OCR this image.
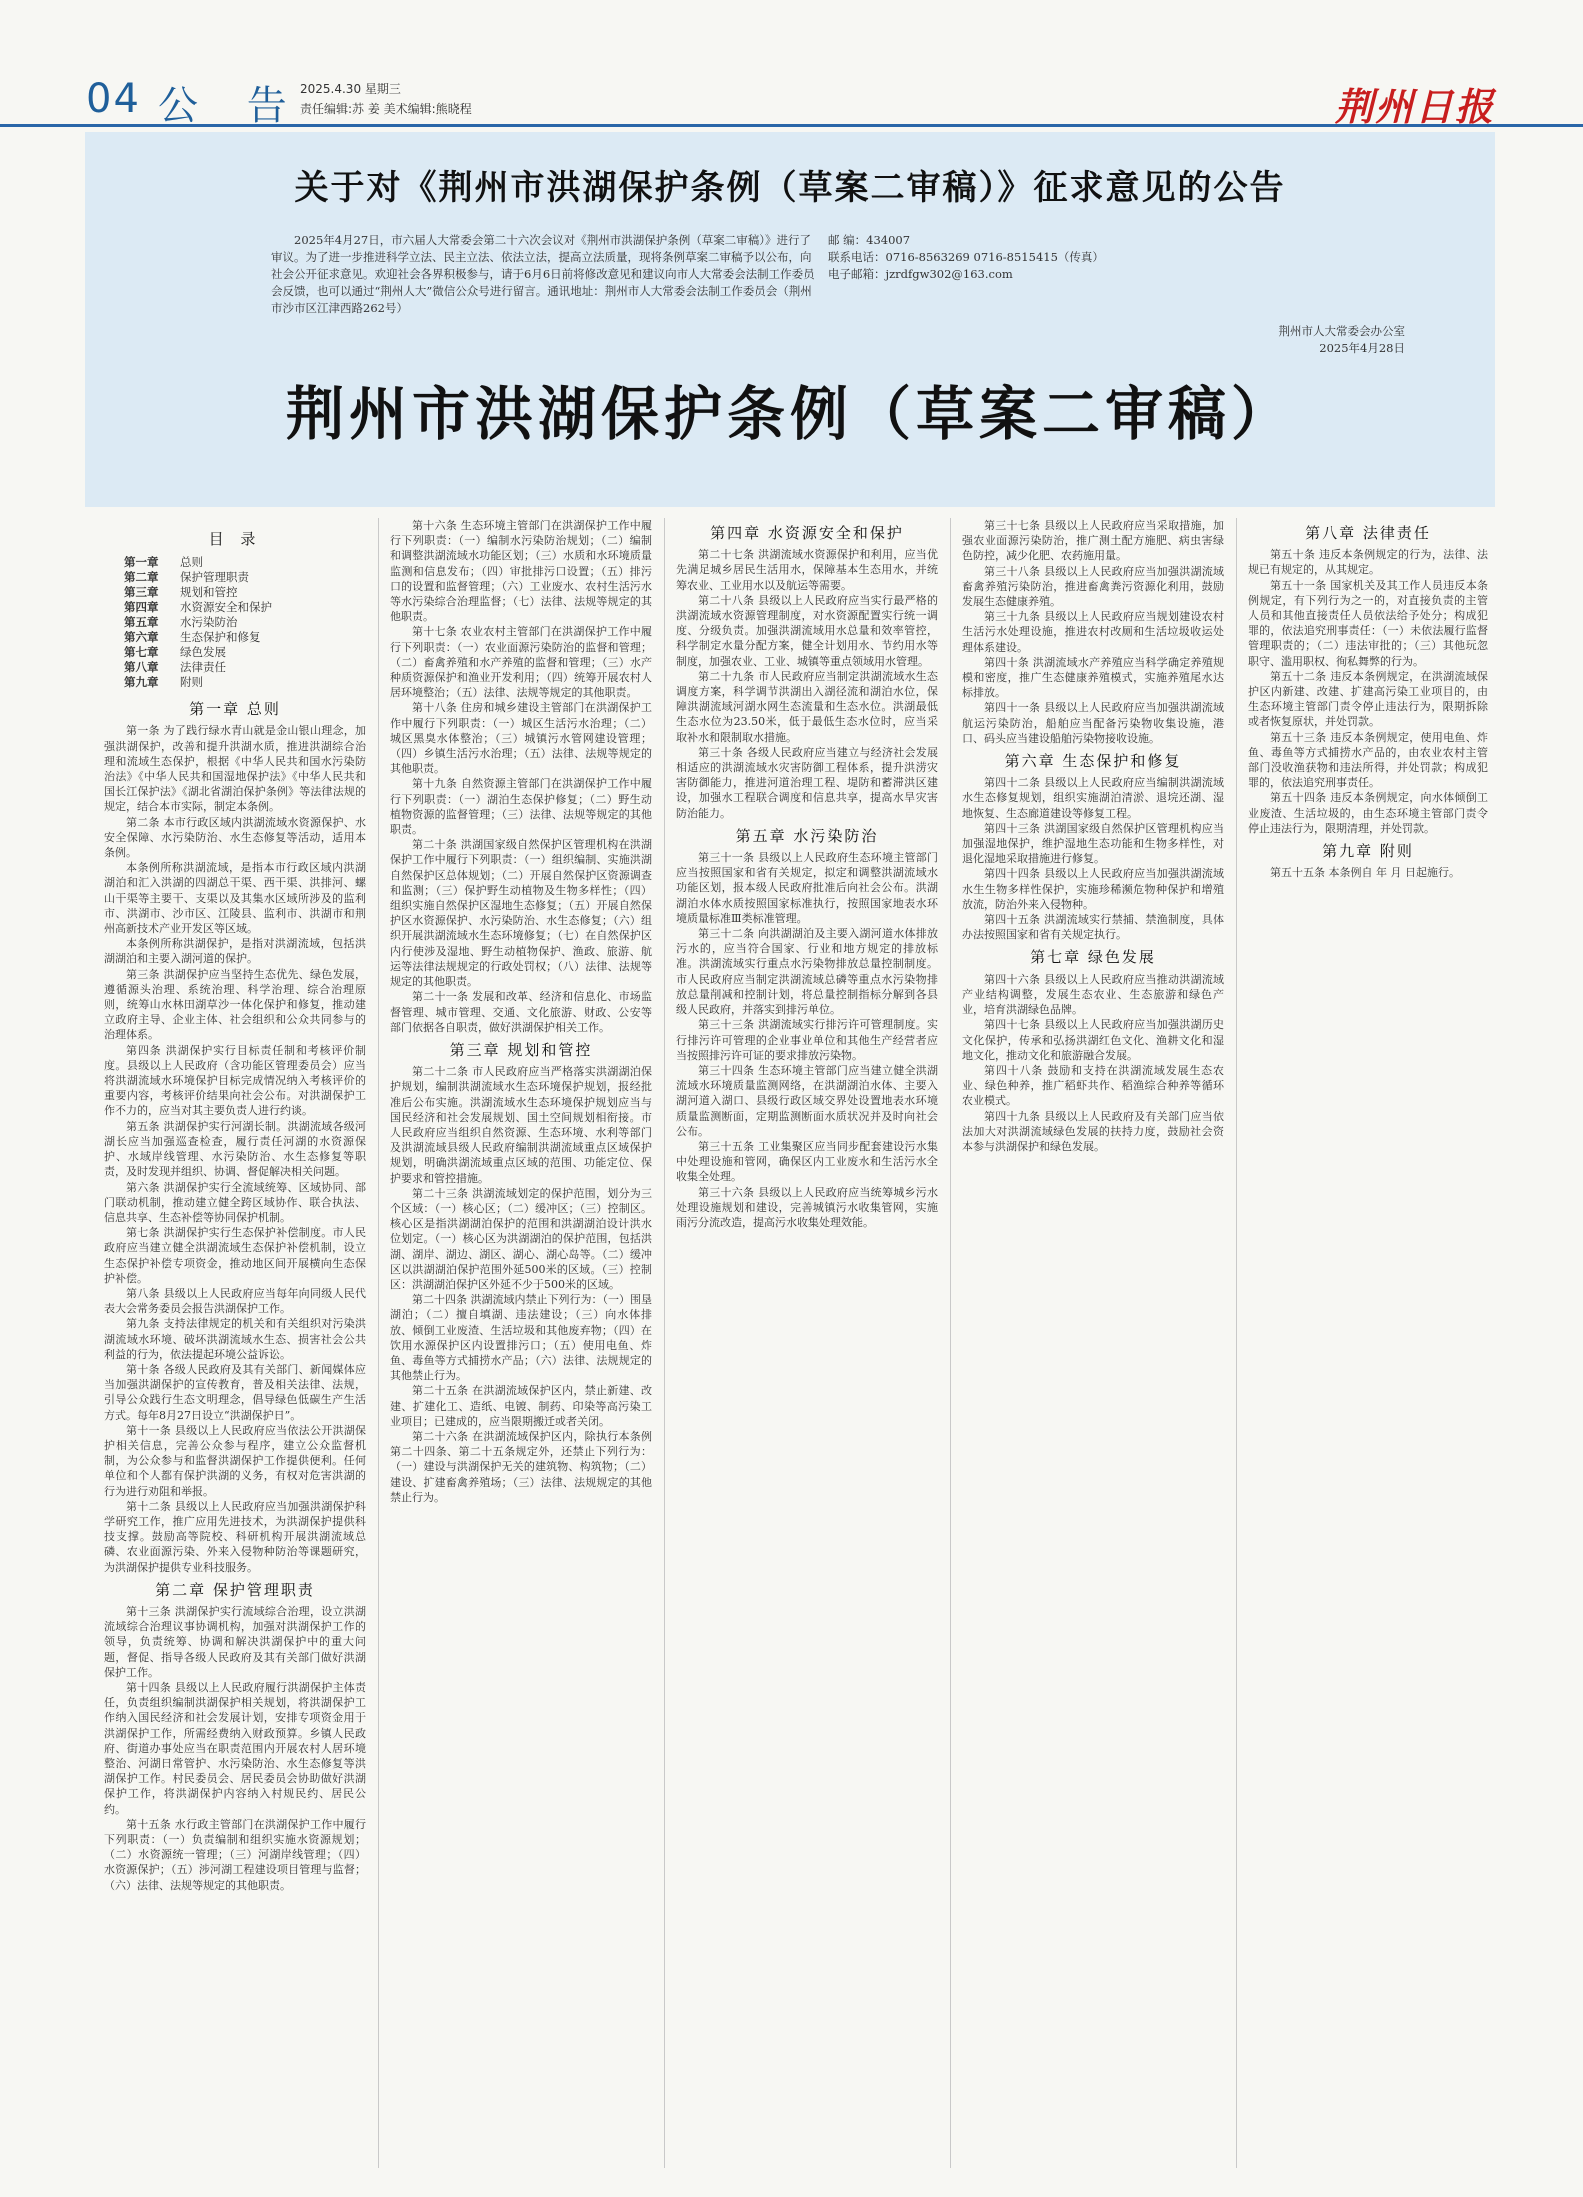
04 公 告
2025.4.30 星期三
责任编辑:苏 姜 美术编辑:熊晓程	荆州日报
关于对《荆州市洪湖保护条例（草案二审稿）》征求意见的公告
2025年4月27日，市六届人大常委会第二十六次会议对《荆州市洪湖保护条例（草案二审稿）》进行了审议。为了进一步推进科学立法、民主立法、依法立法，提高立法质量，现将条例草案二审稿予以公布，向社会公开征求意见。欢迎社会各界积极参与，请于6月6日前将修改意见和建议向市人大常委会法制工作委员会反馈，也可以通过“荆州人大”微信公众号进行留言。通讯地址：荆州市人大常委会法制工作委员会（荆州市沙市区江津西路262号）
邮 编：434007
联系电话：0716-8563269 0716-8515415（传真）
电子邮箱：jzrdfgw302@163.com
荆州市人大常委会办公室
2025年4月28日
荆州市洪湖保护条例（草案二审稿）
目 录
第一章 总则
第二章 保护管理职责
第三章 规划和管控
第四章 水资源安全和保护
第五章 水污染防治
第六章 生态保护和修复
第七章 绿色发展
第八章 法律责任
第九章 附则
第一章 总则

第一条 为了践行绿水青山就是金山银山理念，加强洪湖保护，改善和提升洪湖水质，推进洪湖综合治理和流域生态保护，根据《中华人民共和国水污染防治法》《中华人民共和国湿地保护法》《中华人民共和国长江保护法》《湖北省湖泊保护条例》等法律法规的规定，结合本市实际，制定本条例。

第二条 本市行政区域内洪湖流域水资源保护、水安全保障、水污染防治、水生态修复等活动，适用本条例。

本条例所称洪湖流域，是指本市行政区域内洪湖湖泊和汇入洪湖的四湖总干渠、西干渠、洪排河、螺山干渠等主要干、支渠以及其集水区域所涉及的监利市、洪湖市、沙市区、江陵县、监利市、洪湖市和荆州高新技术产业开发区等区域。

本条例所称洪湖保护，是指对洪湖流域，包括洪湖湖泊和主要入湖河道的保护。

第三条 洪湖保护应当坚持生态优先、绿色发展，遵循源头治理、系统治理、科学治理、综合治理原则，统筹山水林田湖草沙一体化保护和修复，推动建立政府主导、企业主体、社会组织和公众共同参与的治理体系。

第四条 洪湖保护实行目标责任制和考核评价制度。县级以上人民政府（含功能区管理委员会）应当将洪湖流域水环境保护目标完成情况纳入考核评价的重要内容，考核评价结果向社会公布。对洪湖保护工作不力的，应当对其主要负责人进行约谈。

第五条 洪湖保护实行河湖长制。洪湖流域各级河湖长应当加强巡查检查，履行责任河湖的水资源保护、水域岸线管理、水污染防治、水生态修复等职责，及时发现并组织、协调、督促解决相关问题。

第六条 洪湖保护实行全流域统筹、区域协同、部门联动机制，推动建立健全跨区域协作、联合执法、信息共享、生态补偿等协同保护机制。

第七条 洪湖保护实行生态保护补偿制度。市人民政府应当建立健全洪湖流域生态保护补偿机制，设立生态保护补偿专项资金，推动地区间开展横向生态保护补偿。

第八条 县级以上人民政府应当每年向同级人民代表大会常务委员会报告洪湖保护工作。

第九条 支持法律规定的机关和有关组织对污染洪湖流域水环境、破坏洪湖流域水生态、损害社会公共利益的行为，依法提起环境公益诉讼。

第十条 各级人民政府及其有关部门、新闻媒体应当加强洪湖保护的宣传教育，普及相关法律、法规，引导公众践行生态文明理念，倡导绿色低碳生产生活方式。每年8月27日设立“洪湖保护日”。

第十一条 县级以上人民政府应当依法公开洪湖保护相关信息，完善公众参与程序，建立公众监督机制，为公众参与和监督洪湖保护工作提供便利。任何单位和个人都有保护洪湖的义务，有权对危害洪湖的行为进行劝阻和举报。

第十二条 县级以上人民政府应当加强洪湖保护科学研究工作，推广应用先进技术，为洪湖保护提供科技支撑。鼓励高等院校、科研机构开展洪湖流域总磷、农业面源污染、外来入侵物种防治等课题研究，为洪湖保护提供专业科技服务。

第二章 保护管理职责

第十三条 洪湖保护实行流域综合治理，设立洪湖流域综合治理议事协调机构，加强对洪湖保护工作的领导，负责统筹、协调和解决洪湖保护中的重大问题，督促、指导各级人民政府及其有关部门做好洪湖保护工作。

第十四条 县级以上人民政府履行洪湖保护主体责任，负责组织编制洪湖保护相关规划，将洪湖保护工作纳入国民经济和社会发展计划，安排专项资金用于洪湖保护工作，所需经费纳入财政预算。乡镇人民政府、街道办事处应当在职责范围内开展农村人居环境整治、河湖日常管护、水污染防治、水生态修复等洪湖保护工作。村民委员会、居民委员会协助做好洪湖保护工作，将洪湖保护内容纳入村规民约、居民公约。

第十五条 水行政主管部门在洪湖保护工作中履行下列职责：（一）负责编制和组织实施水资源规划；（二）水资源统一管理；（三）河湖岸线管理；（四）水资源保护；（五）涉河湖工程建设项目管理与监督；（六）法律、法规等规定的其他职责。

第十六条 生态环境主管部门在洪湖保护工作中履行下列职责：（一）编制水污染防治规划；（二）编制和调整洪湖流域水功能区划；（三）水质和水环境质量监测和信息发布；（四）审批排污口设置；（五）排污口的设置和监督管理；（六）工业废水、农村生活污水等水污染综合治理监督；（七）法律、法规等规定的其他职责。

第十七条 农业农村主管部门在洪湖保护工作中履行下列职责：（一）农业面源污染防治的监督和管理；（二）畜禽养殖和水产养殖的监督和管理；（三）水产种质资源保护和渔业开发利用；（四）统筹开展农村人居环境整治；（五）法律、法规等规定的其他职责。

第十八条 住房和城乡建设主管部门在洪湖保护工作中履行下列职责：（一）城区生活污水治理；（二）城区黑臭水体整治；（三）城镇污水管网建设管理；（四）乡镇生活污水治理；（五）法律、法规等规定的其他职责。

第十九条 自然资源主管部门在洪湖保护工作中履行下列职责：（一）湖泊生态保护修复；（二）野生动植物资源的监督管理；（三）法律、法规等规定的其他职责。

第二十条 洪湖国家级自然保护区管理机构在洪湖保护工作中履行下列职责：（一）组织编制、实施洪湖自然保护区总体规划；（二）开展自然保护区资源调查和监测；（三）保护野生动植物及生物多样性；（四）组织实施自然保护区湿地生态修复；（五）开展自然保护区水资源保护、水污染防治、水生态修复；（六）组织开展洪湖流域水生态环境修复；（七）在自然保护区内行使涉及湿地、野生动植物保护、渔政、旅游、航运等法律法规规定的行政处罚权；（八）法律、法规等规定的其他职责。

第二十一条 发展和改革、经济和信息化、市场监督管理、城市管理、交通、文化旅游、财政、公安等部门依据各自职责，做好洪湖保护相关工作。

第三章 规划和管控

第二十二条 市人民政府应当严格落实洪湖湖泊保护规划，编制洪湖流域水生态环境保护规划，报经批准后公布实施。洪湖流域水生态环境保护规划应当与国民经济和社会发展规划、国土空间规划相衔接。市人民政府应当组织自然资源、生态环境、水利等部门及洪湖流域县级人民政府编制洪湖流域重点区域保护规划，明确洪湖流域重点区域的范围、功能定位、保护要求和管控措施。

第二十三条 洪湖流域划定的保护范围，划分为三个区域：（一）核心区；（二）缓冲区；（三）控制区。核心区是指洪湖湖泊保护的范围和洪湖湖泊设计洪水位划定。（一）核心区为洪湖湖泊的保护范围，包括洪湖、湖岸、湖边、湖区、湖心、湖心岛等。（二）缓冲区以洪湖湖泊保护范围外延500米的区域。（三）控制区：洪湖湖泊保护区外延不少于500米的区域。

第二十四条 洪湖流域内禁止下列行为：（一）围垦湖泊；（二）擅自填湖、违法建设；（三）向水体排放、倾倒工业废渣、生活垃圾和其他废弃物；（四）在饮用水源保护区内设置排污口；（五）使用电鱼、炸鱼、毒鱼等方式捕捞水产品；（六）法律、法规规定的其他禁止行为。

第二十五条 在洪湖流域保护区内，禁止新建、改建、扩建化工、造纸、电镀、制药、印染等高污染工业项目；已建成的，应当限期搬迁或者关闭。

第二十六条 在洪湖流域保护区内，除执行本条例第二十四条、第二十五条规定外，还禁止下列行为：（一）建设与洪湖保护无关的建筑物、构筑物；（二）建设、扩建畜禽养殖场；（三）法律、法规规定的其他禁止行为。

第四章 水资源安全和保护

第二十七条 洪湖流域水资源保护和利用，应当优先满足城乡居民生活用水，保障基本生态用水，并统筹农业、工业用水以及航运等需要。

第二十八条 县级以上人民政府应当实行最严格的洪湖流域水资源管理制度，对水资源配置实行统一调度、分级负责。加强洪湖流域用水总量和效率管控，科学制定水量分配方案，健全计划用水、节约用水等制度，加强农业、工业、城镇等重点领域用水管理。

第二十九条 市人民政府应当制定洪湖流域水生态调度方案，科学调节洪湖出入湖径流和湖泊水位，保障洪湖流域河湖水网生态流量和生态水位。洪湖最低生态水位为23.50米，低于最低生态水位时，应当采取补水和限制取水措施。

第三十条 各级人民政府应当建立与经济社会发展相适应的洪湖流域水灾害防御工程体系，提升洪涝灾害防御能力，推进河道治理工程、堤防和蓄滞洪区建设，加强水工程联合调度和信息共享，提高水旱灾害防治能力。

第五章 水污染防治

第三十一条 县级以上人民政府生态环境主管部门应当按照国家和省有关规定，拟定和调整洪湖流域水功能区划，报本级人民政府批准后向社会公布。洪湖湖泊水体水质按照国家标准执行，按照国家地表水环境质量标准Ⅲ类标准管理。

第三十二条 向洪湖湖泊及主要入湖河道水体排放污水的，应当符合国家、行业和地方规定的排放标准。洪湖流域实行重点水污染物排放总量控制制度。市人民政府应当制定洪湖流域总磷等重点水污染物排放总量削减和控制计划，将总量控制指标分解到各县级人民政府，并落实到排污单位。

第三十三条 洪湖流域实行排污许可管理制度。实行排污许可管理的企业事业单位和其他生产经营者应当按照排污许可证的要求排放污染物。

第三十四条 生态环境主管部门应当建立健全洪湖流域水环境质量监测网络，在洪湖湖泊水体、主要入湖河道入湖口、县级行政区域交界处设置地表水环境质量监测断面，定期监测断面水质状况并及时向社会公布。

第三十五条 工业集聚区应当同步配套建设污水集中处理设施和管网，确保区内工业废水和生活污水全收集全处理。

第三十六条 县级以上人民政府应当统筹城乡污水处理设施规划和建设，完善城镇污水收集管网，实施雨污分流改造，提高污水收集处理效能。

第三十七条 县级以上人民政府应当采取措施，加强农业面源污染防治，推广测土配方施肥、病虫害绿色防控，减少化肥、农药施用量。

第三十八条 县级以上人民政府应当加强洪湖流域畜禽养殖污染防治，推进畜禽粪污资源化利用，鼓励发展生态健康养殖。

第三十九条 县级以上人民政府应当规划建设农村生活污水处理设施，推进农村改厕和生活垃圾收运处理体系建设。

第四十条 洪湖流域水产养殖应当科学确定养殖规模和密度，推广生态健康养殖模式，实施养殖尾水达标排放。

第四十一条 县级以上人民政府应当加强洪湖流域航运污染防治，船舶应当配备污染物收集设施，港口、码头应当建设船舶污染物接收设施。

第六章 生态保护和修复

第四十二条 县级以上人民政府应当编制洪湖流域水生态修复规划，组织实施湖泊清淤、退垸还湖、湿地恢复、生态廊道建设等修复工程。

第四十三条 洪湖国家级自然保护区管理机构应当加强湿地保护，维护湿地生态功能和生物多样性，对退化湿地采取措施进行修复。

第四十四条 县级以上人民政府应当加强洪湖流域水生生物多样性保护，实施珍稀濒危物种保护和增殖放流，防治外来入侵物种。

第四十五条 洪湖流域实行禁捕、禁渔制度，具体办法按照国家和省有关规定执行。

第七章 绿色发展

第四十六条 县级以上人民政府应当推动洪湖流域产业结构调整，发展生态农业、生态旅游和绿色产业，培育洪湖绿色品牌。

第四十七条 县级以上人民政府应当加强洪湖历史文化保护，传承和弘扬洪湖红色文化、渔耕文化和湿地文化，推动文化和旅游融合发展。

第四十八条 鼓励和支持在洪湖流域发展生态农业、绿色种养，推广稻虾共作、稻渔综合种养等循环农业模式。

第四十九条 县级以上人民政府及有关部门应当依法加大对洪湖流域绿色发展的扶持力度，鼓励社会资本参与洪湖保护和绿色发展。

第八章 法律责任

第五十条 违反本条例规定的行为，法律、法规已有规定的，从其规定。

第五十一条 国家机关及其工作人员违反本条例规定，有下列行为之一的，对直接负责的主管人员和其他直接责任人员依法给予处分；构成犯罪的，依法追究刑事责任：（一）未依法履行监督管理职责的；（二）违法审批的；（三）其他玩忽职守、滥用职权、徇私舞弊的行为。

第五十二条 违反本条例规定，在洪湖流域保护区内新建、改建、扩建高污染工业项目的，由生态环境主管部门责令停止违法行为，限期拆除或者恢复原状，并处罚款。

第五十三条 违反本条例规定，使用电鱼、炸鱼、毒鱼等方式捕捞水产品的，由农业农村主管部门没收渔获物和违法所得，并处罚款；构成犯罪的，依法追究刑事责任。

第五十四条 违反本条例规定，向水体倾倒工业废渣、生活垃圾的，由生态环境主管部门责令停止违法行为，限期清理，并处罚款。

第九章 附则

第五十五条 本条例自 年 月 日起施行。
